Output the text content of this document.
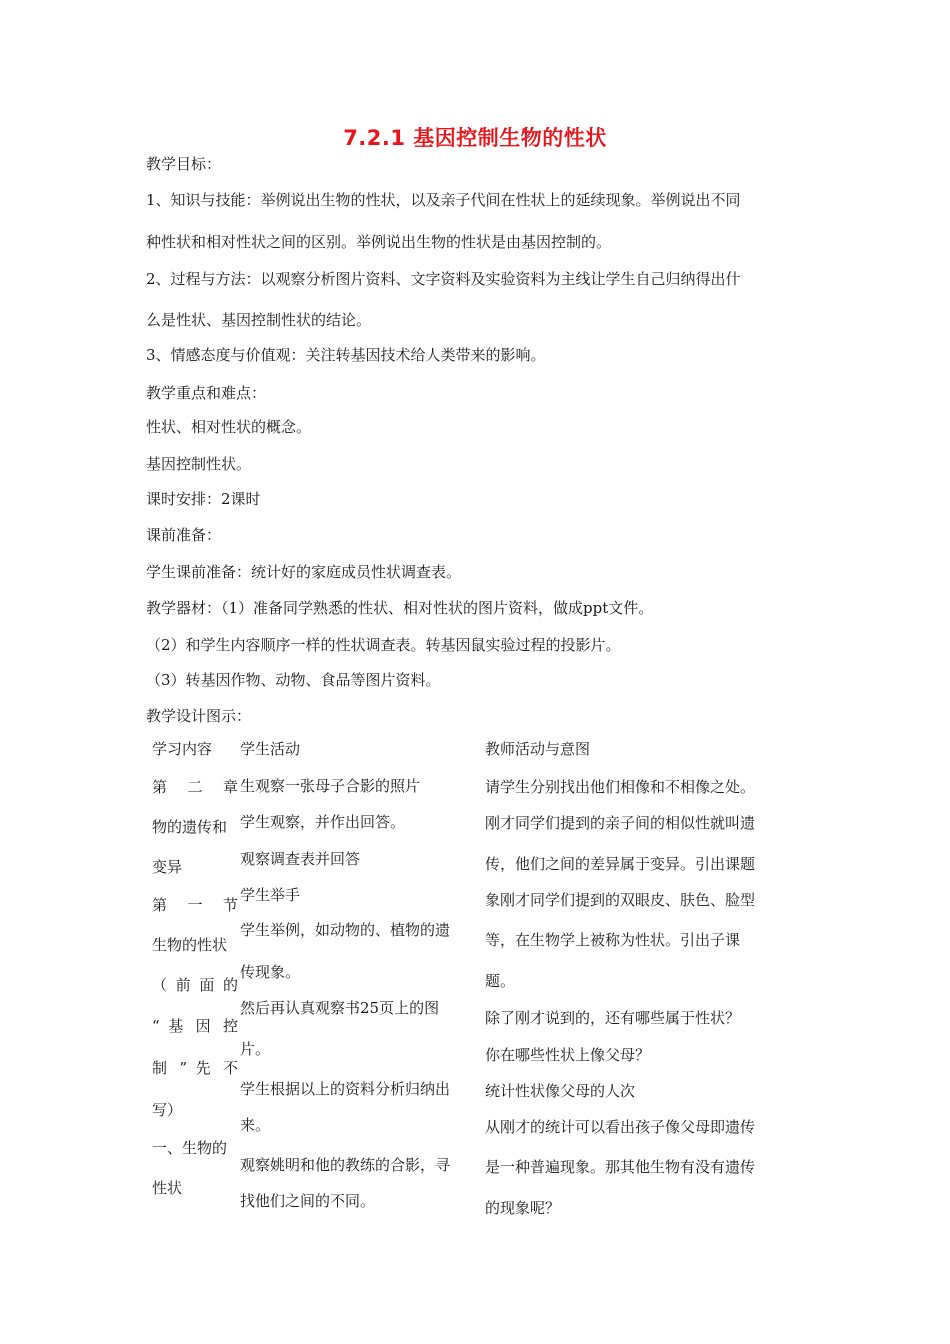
7.2.1 基因控制生物的性状
教学目标：
1、知识与技能：举例说出生物的性状，以及亲子代间在性状上的延续现象。举例说出不同
种性状和相对性状之间的区别。举例说出生物的性状是由基因控制的。
2、过程与方法：以观察分析图片资料、文字资料及实验资料为主线让学生自己归纳得出什
么是性状、基因控制性状的结论。
3、情感态度与价值观：关注转基因技术给人类带来的影响。
教学重点和难点：
性状、相对性状的概念。
基因控制性状。
课时安排：2课时
课前准备：
学生课前准备：统计好的家庭成员性状调查表。
教学器材：（1）准备同学熟悉的性状、相对性状的图片资料，做成ppt文件。
（2）和学生内容顺序一样的性状调查表。转基因鼠实验过程的投影片。
（3）转基因作物、动物、食品等图片资料。
教学设计图示：
学习内容 学生活动	教师活动与意图
第 二 章
物的遗传和
变异
第 一 节
生物的性状
（ 前 面 的
“ 基 因 控
制 ” 先 不
写）
一、生物的
性状
生观察一张母子合影的照片
学生观察，并作出回答。
观察调查表并回答
学生举手
学生举例，如动物的、植物的遗
传现象。
然后再认真观察书25页上的图
片。
学生根据以上的资料分析归纳出
来。
观察姚明和他的教练的合影，寻
找他们之间的不同。
请学生分别找出他们相像和不相像之处。
刚才同学们提到的亲子间的相似性就叫遗
传，他们之间的差异属于变异。引出课题
象刚才同学们提到的双眼皮、肤色、脸型
等，在生物学上被称为性状。引出子课
题。
除了刚才说到的，还有哪些属于性状？
你在哪些性状上像父母？
统计性状像父母的人次
从刚才的统计可以看出孩子像父母即遗传
是一种普遍现象。那其他生物有没有遗传
的现象呢？
